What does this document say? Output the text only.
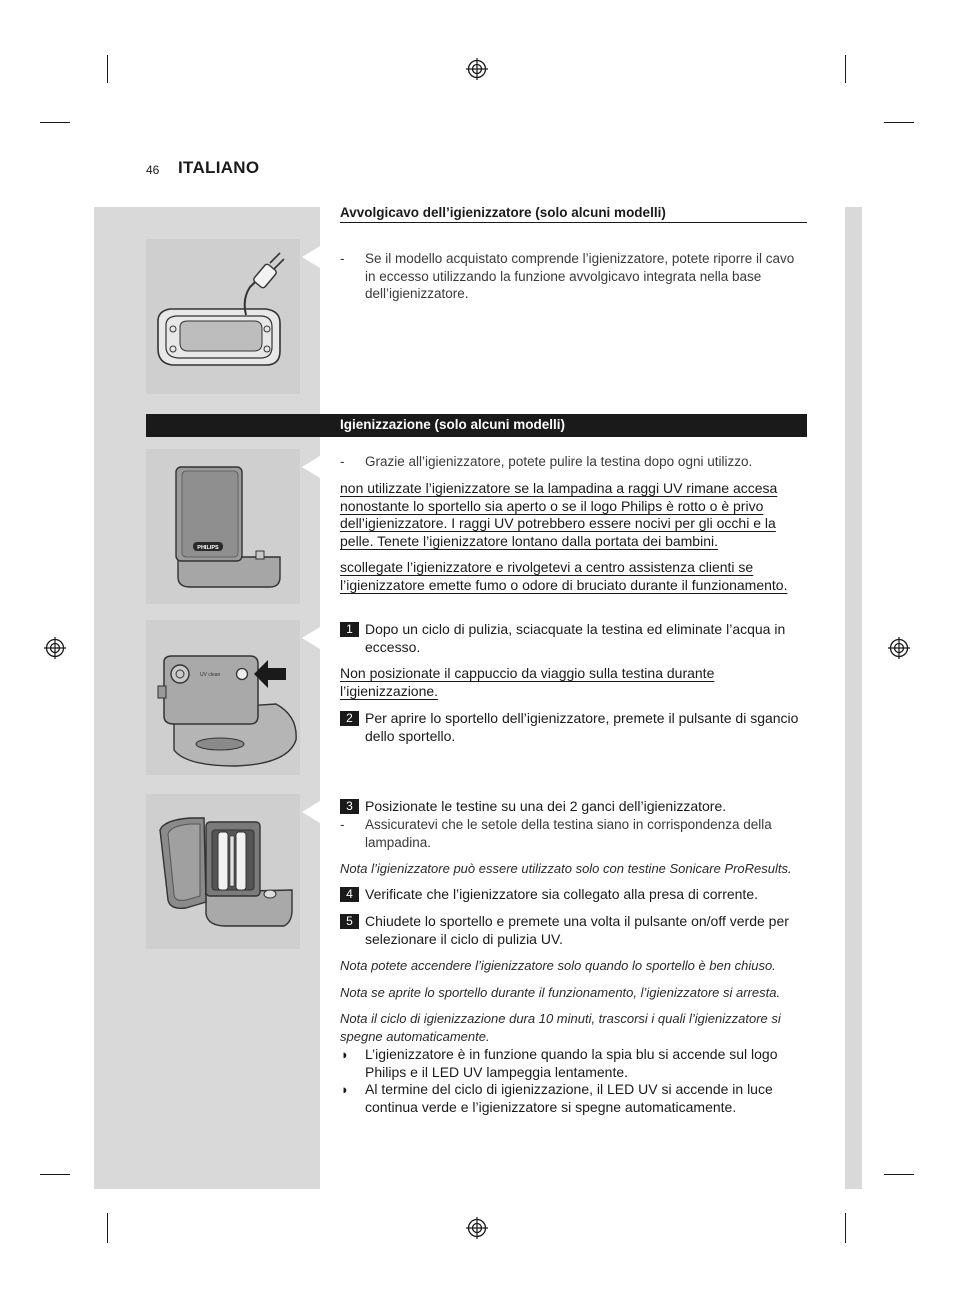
46 ITALIANO
Avvolgicavo dell’igienizzatore (solo alcuni modelli)
- Se il modello acquistato comprende l’igienizzatore, potete riporre il cavo in eccesso utilizzando la funzione avvolgicavo integrata nella base dell’igienizzatore.
Igienizzazione (solo alcuni modelli)
PHILIPS
- Grazie all’igienizzatore, potete pulire la testina dopo ogni utilizzo.
non utilizzate l’igienizzatore se la lampadina a raggi UV rimane accesa nonostante lo sportello sia aperto o se il logo Philips è rotto o è privo dell’igienizzatore. I raggi UV potrebbero essere nocivi per gli occhi e la pelle. Tenete l’igienizzatore lontano dalla portata dei bambini.
scollegate l’igienizzatore e rivolgetevi a centro assistenza clienti se l’igienizzatore emette fumo o odore di bruciato durante il funzionamento.
UV clean
1 Dopo un ciclo di pulizia, sciacquate la testina ed eliminate l’acqua in eccesso.
Non posizionate il cappuccio da viaggio sulla testina durante l’igienizzazione.
2 Per aprire lo sportello dell’igienizzatore, premete il pulsante di sgancio dello sportello.
3 Posizionate le testine su una dei 2 ganci dell’igienizzatore.
- Assicuratevi che le setole della testina siano in corrispondenza della lampadina.
Nota l’igienizzatore può essere utilizzato solo con testine Sonicare ProResults.
4 Verificate che l’igienizzatore sia collegato alla presa di corrente.
5 Chiudete lo sportello e premete una volta il pulsante on/off verde per selezionare il ciclo di pulizia UV.
Nota potete accendere l’igienizzatore solo quando lo sportello è ben chiuso.
Nota se aprite lo sportello durante il funzionamento, l’igienizzatore si arresta.
Nota il ciclo di igienizzazione dura 10 minuti, trascorsi i quali l’igienizzatore si spegne automaticamente.
◗ L’igienizzatore è in funzione quando la spia blu si accende sul logo Philips e il LED UV lampeggia lentamente.
◗ Al termine del ciclo di igienizzazione, il LED UV si accende in luce continua verde e l’igienizzatore si spegne automaticamente.
